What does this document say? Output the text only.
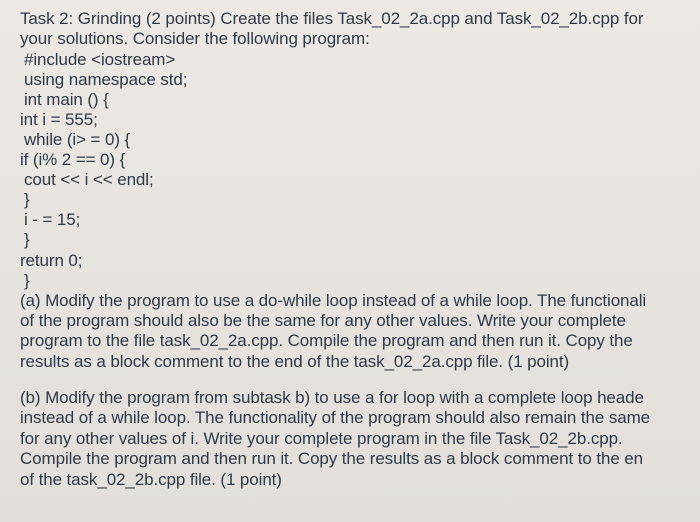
Task 2: Grinding (2 points) Create the files Task_02_2a.cpp and Task_02_2b.cpp for
your solutions. Consider the following program:
#include <iostream>
using namespace std;
int main () {
int i = 555;
while (i> = 0) {
if (i% 2 == 0) {
cout << i << endl;
}
i - = 15;
}
return 0;
}
(a) Modify the program to use a do-while loop instead of a while loop. The functionali
of the program should also be the same for any other values. Write your complete
program to the file task_02_2a.cpp. Compile the program and then run it. Copy the
results as a block comment to the end of the task_02_2a.cpp file. (1 point)
(b) Modify the program from subtask b) to use a for loop with a complete loop heade
instead of a while loop. The functionality of the program should also remain the same
for any other values of i. Write your complete program in the file Task_02_2b.cpp.
Compile the program and then run it. Copy the results as a block comment to the en
of the task_02_2b.cpp file. (1 point)
